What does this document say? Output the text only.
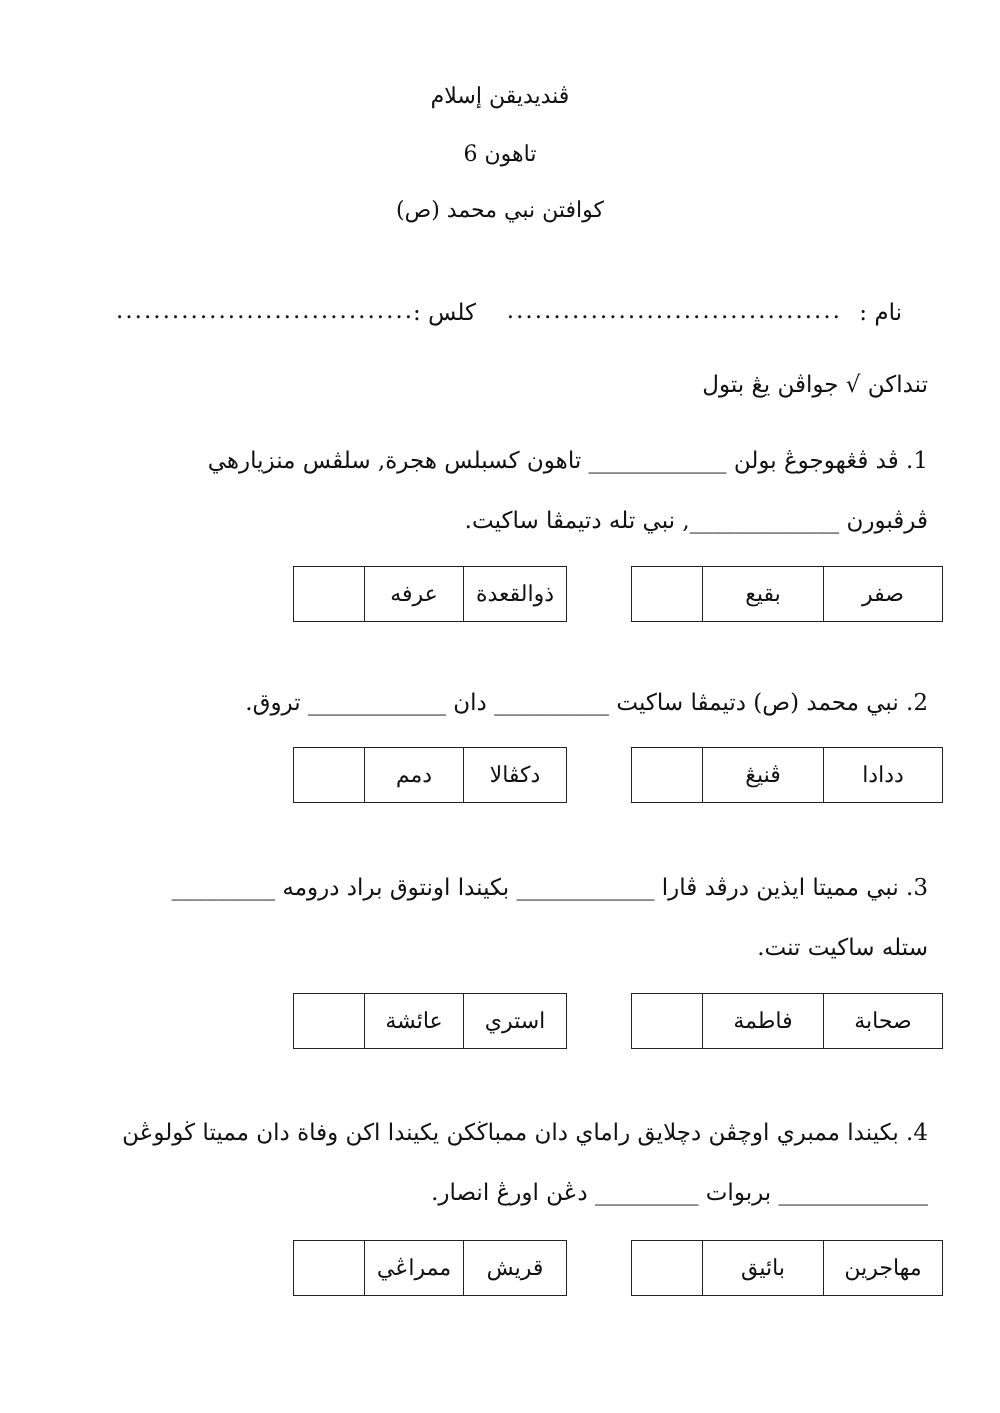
ڤنديديقن إسلام
تاهون 6
كوافتن نبي محمد (ص)
نام :
....................................
كلس :
................................
تنداكن √ جواڤن يڠ بتول
1. ڤد ڤڠهوجوڠ بولن ____________ تاهون كسبلس هجرة, سلڤس منزيارهي
ڤرڤبورن _____________, نبي تله دتيمڤا ساكيت.
صفر	بقيع	
ذوالقعدة	عرفه	
2. نبي محمد (ص) دتيمڤا ساكيت __________ دان ____________ تروق.
ددادا	ڤنيڠ	
دكڤالا	دمم	
3. نبي مميتا ايذين درڤد ڤارا ____________ بكيندا اونتوق براد درومه _________
ستله ساكيت تنت.
صحابة	فاطمة	
استري	عائشة	
4. بكيندا ممبري اوچڤن دچلايق راماي دان ممباڬكن يكيندا اكن وفاة دان مميتا ڬولوڠن
_____________ بربوات _________ دڠن اورڠ انصار.
مهاجرين	بائيق	
قريش	ممراڠي	
